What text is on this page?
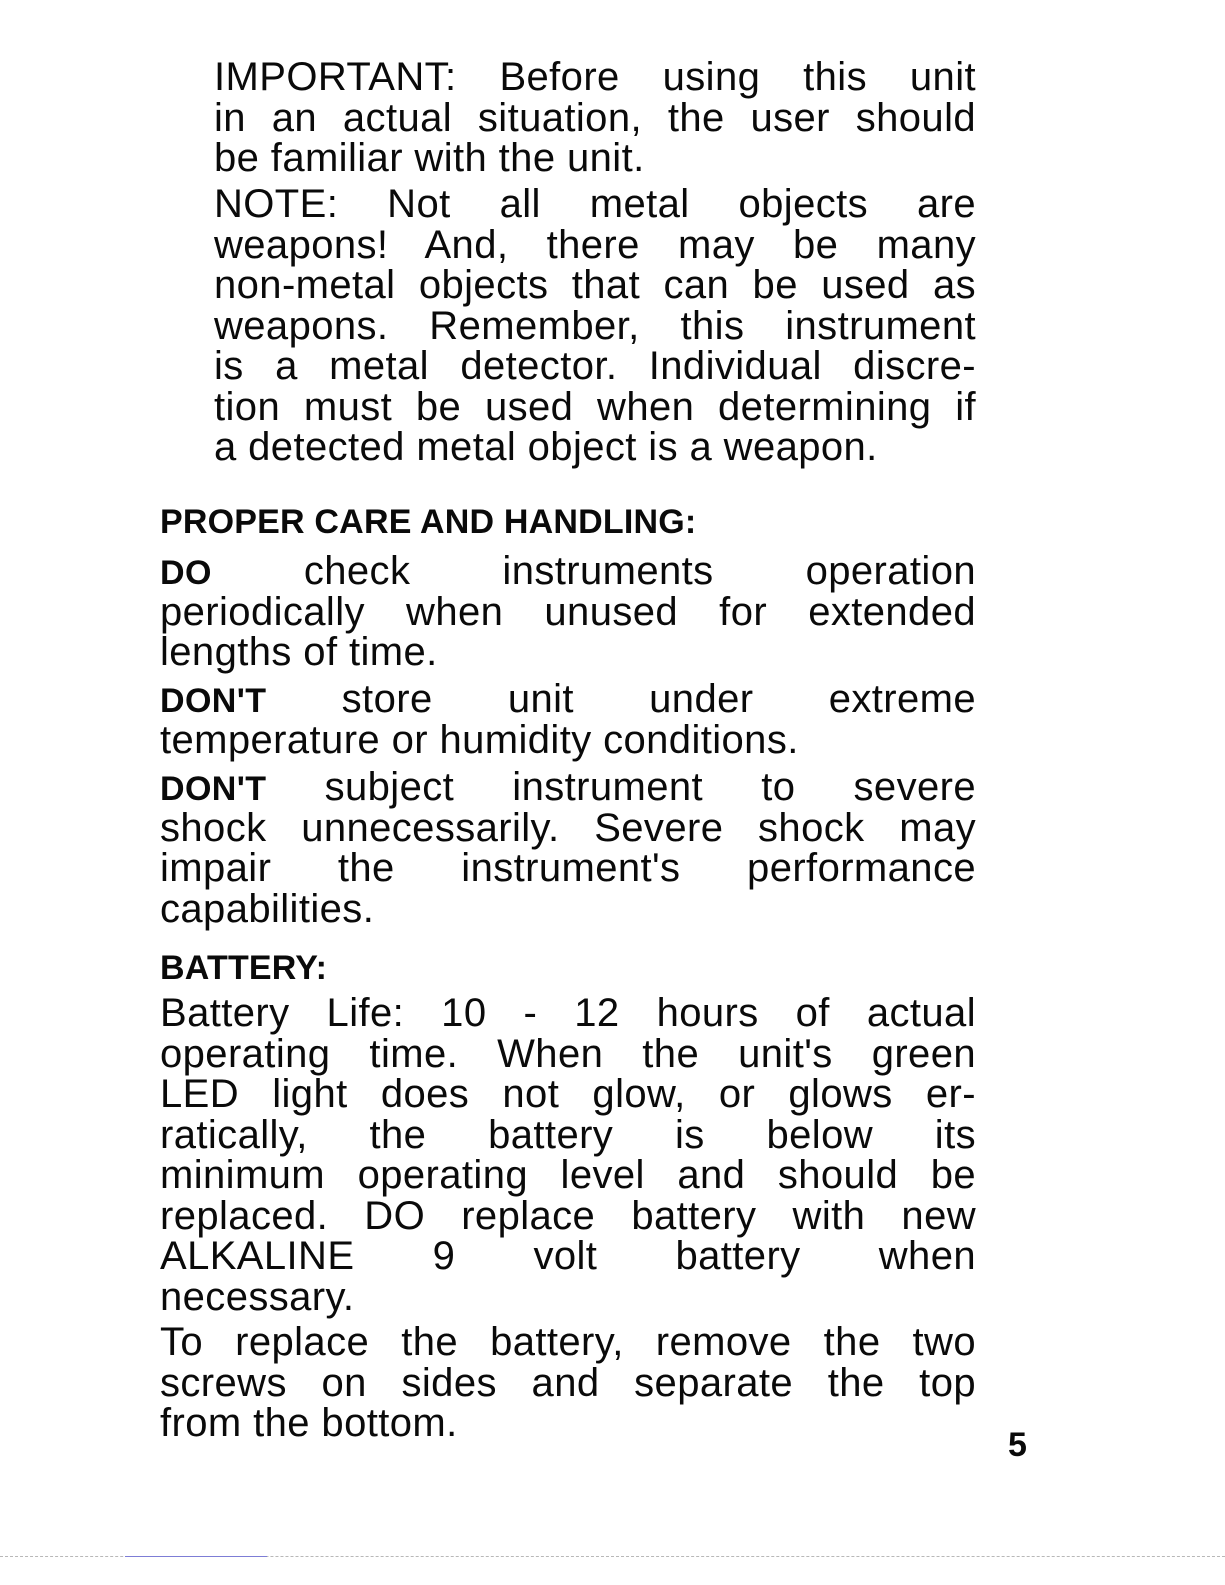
IMPORTANT: Before using this unit
in an actual situation, the user should
be familiar with the unit.
NOTE: Not all metal objects are
weapons! And, there may be many
non-metal objects that can be used as
weapons. Remember, this instrument
is a metal detector. Individual discre-
tion must be used when determining if
a detected metal object is a weapon.
PROPER CARE AND HANDLING:
DO check instruments operation
periodically when unused for extended
lengths of time.
DON'T store unit under extreme
temperature or humidity conditions.
DON'T subject instrument to severe
shock unnecessarily. Severe shock may
impair the instrument's performance
capabilities.
BATTERY:
Battery Life: 10 - 12 hours of actual
operating time. When the unit's green
LED light does not glow, or glows er-
ratically, the battery is below its
minimum operating level and should be
replaced. DO replace battery with new
ALKALINE 9 volt battery when
necessary.
To replace the battery, remove the two
screws on sides and separate the top
from the bottom.	5
